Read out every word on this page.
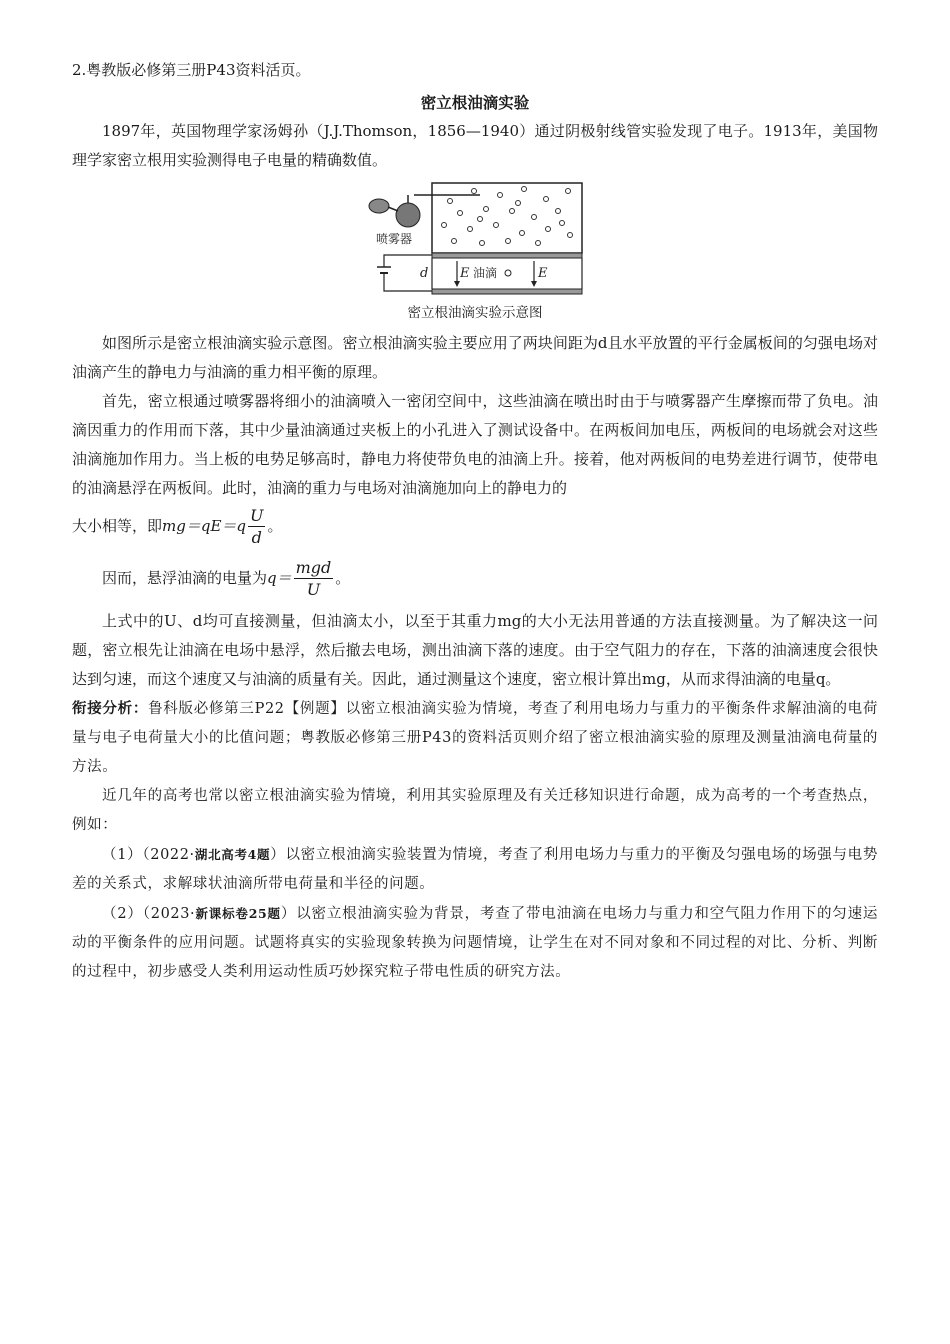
2.粤教版必修第三册P43资料活页。

密立根油滴实验

1897年，英国物理学家汤姆孙（J.J.Thomson，1856—1940）通过阴极射线管实验发现了电子。1913年，美国物理学家密立根用实验测得电子电量的精确数值。

喷雾器
E 油滴	E
d
密立根油滴实验示意图

如图所示是密立根油滴实验示意图。密立根油滴实验主要应用了两块间距为d且水平放置的平行金属板间的匀强电场对油滴产生的静电力与油滴的重力相平衡的原理。

首先，密立根通过喷雾器将细小的油滴喷入一密闭空间中，这些油滴在喷出时由于与喷雾器产生摩擦而带了负电。油滴因重力的作用而下落，其中少量油滴通过夹板上的小孔进入了测试设备中。在两板间加电压，两板间的电场就会对这些油滴施加作用力。当上板的电势足够高时，静电力将使带负电的油滴上升。接着，他对两板间的电势差进行调节，使带电的油滴悬浮在两板间。此时，油滴的重力与电场对油滴施加向上的静电力的

大小相等，即 $mg=qE=q \frac{U}{d}$ 。
因而，悬浮油滴的电量为 $q= \frac{\text{mgd}}{U}$ 。

上式中的U、d均可直接测量，但油滴太小，以至于其重力mg的大小无法用普通的方法直接测量。为了解决这一问题，密立根先让油滴在电场中悬浮，然后撤去电场，测出油滴下落的速度。由于空气阻力的存在，下落的油滴速度会很快达到匀速，而这个速度又与油滴的质量有关。因此，通过测量这个速度，密立根计算出mg，从而求得油滴的电量q。

衔接分析：鲁科版必修第三P22【例题】以密立根油滴实验为情境，考查了利用电场力与重力的平衡条件求解油滴的电荷量与电子电荷量大小的比值问题；粤教版必修第三册P43的资料活页则介绍了密立根油滴实验的原理及测量油滴电荷量的方法。

近几年的高考也常以密立根油滴实验为情境，利用其实验原理及有关迁移知识进行命题，成为高考的一个考查热点，例如：

（1）（2022·湖北高考4题）以密立根油滴实验装置为情境，考查了利用电场力与重力的平衡及匀强电场的场强与电势差的关系式，求解球状油滴所带电荷量和半径的问题。

（2）（2023·新课标卷25题）以密立根油滴实验为背景，考查了带电油滴在电场力与重力和空气阻力作用下的匀速运动的平衡条件的应用问题。试题将真实的实验现象转换为问题情境，让学生在对不同对象和不同过程的对比、分析、判断的过程中，初步感受人类利用运动性质巧妙探究粒子带电性质的研究方法。
